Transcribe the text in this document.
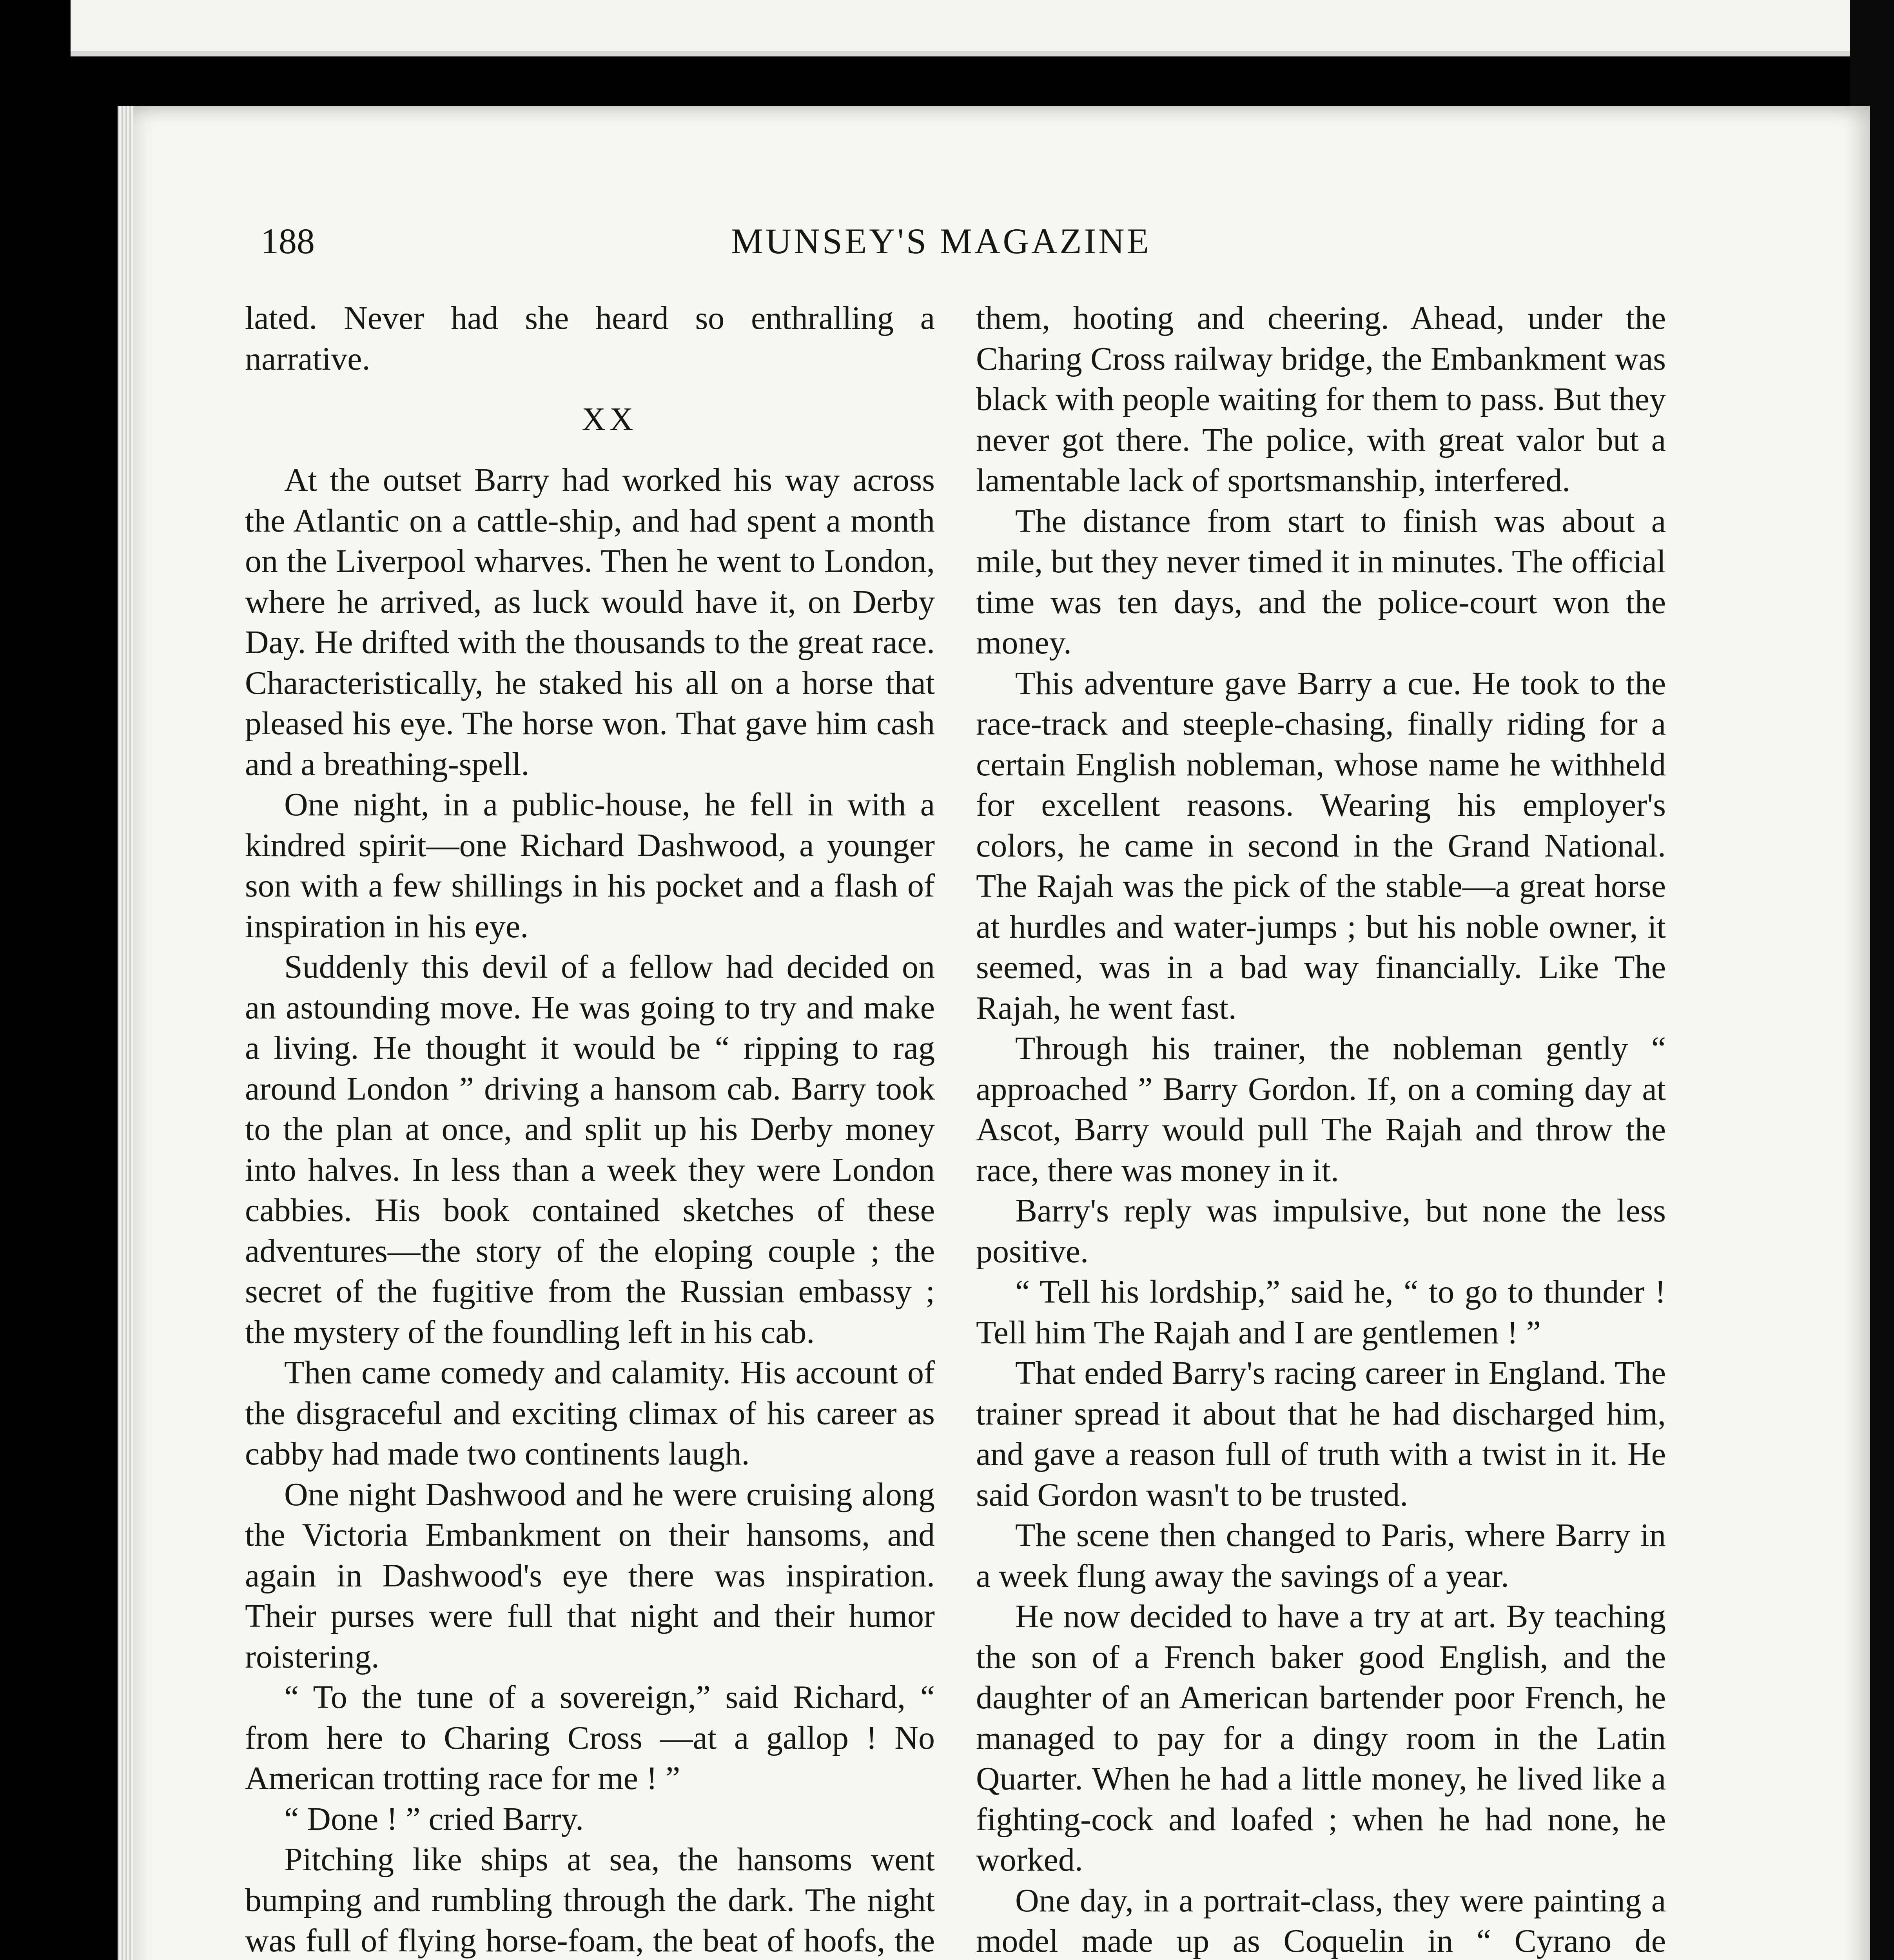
188	MUNSEY'S MAGAZINE

lated. Never had she heard so enthralling a narrative.

XX

At the outset Barry had worked his way across the Atlantic on a cattle-ship, and had spent a month on the Liverpool wharves. Then he went to London, where he arrived, as luck would have it, on Derby Day. He drifted with the thousands to the great race. Characteristically, he staked his all on a horse that pleased his eye. The horse won. That gave him cash and a breathing-spell.

One night, in a public-house, he fell in with a kindred spirit—one Richard Dashwood, a younger son with a few shillings in his pocket and a flash of inspiration in his eye.

Suddenly this devil of a fellow had decided on an astounding move. He was going to try and make a living. He thought it would be “ ripping to rag around London ” driving a hansom cab. Barry took to the plan at once, and split up his Derby money into halves. In less than a week they were London cabbies. His book contained sketches of these adventures—the story of the eloping couple ; the secret of the fugitive from the Russian embassy ; the mystery of the foundling left in his cab.

Then came comedy and calamity. His account of the disgraceful and exciting climax of his career as cabby had made two continents laugh.

One night Dashwood and he were cruising along the Victoria Embankment on their hansoms, and again in Dashwood's eye there was inspiration. Their purses were full that night and their humor roistering.

“ To the tune of a sovereign,” said Richard, “ from here to Charing Cross —at a gallop ! No American trotting race for me ! ”

“ Done ! ” cried Barry.

Pitching like ships at sea, the hansoms went bumping and rumbling through the dark. The night was full of flying horse-foam, the beat of hoofs, the

them, hooting and cheering. Ahead, under the Charing Cross railway bridge, the Embankment was black with people waiting for them to pass. But they never got there. The police, with great valor but a lamentable lack of sportsmanship, interfered.

The distance from start to finish was about a mile, but they never timed it in minutes. The official time was ten days, and the police-court won the money.

This adventure gave Barry a cue. He took to the race-track and steeple-chasing, finally riding for a certain English nobleman, whose name he withheld for excellent reasons. Wearing his employer's colors, he came in second in the Grand National. The Rajah was the pick of the stable—a great horse at hurdles and water-jumps ; but his noble owner, it seemed, was in a bad way financially. Like The Rajah, he went fast.

Through his trainer, the nobleman gently “ approached ” Barry Gordon. If, on a coming day at Ascot, Barry would pull The Rajah and throw the race, there was money in it.

Barry's reply was impulsive, but none the less positive.

“ Tell his lordship,” said he, “ to go to thunder ! Tell him The Rajah and I are gentlemen ! ”

That ended Barry's racing career in England. The trainer spread it about that he had discharged him, and gave a reason full of truth with a twist in it. He said Gordon wasn't to be trusted.

The scene then changed to Paris, where Barry in a week flung away the savings of a year.

He now decided to have a try at art. By teaching the son of a French baker good English, and the daughter of an American bartender poor French, he managed to pay for a dingy room in the Latin Quarter. When he had a little money, he lived like a fighting-cock and loafed ; when he had none, he worked.

One day, in a portrait-class, they were painting a model made up as Coquelin in “ Cyrano de
